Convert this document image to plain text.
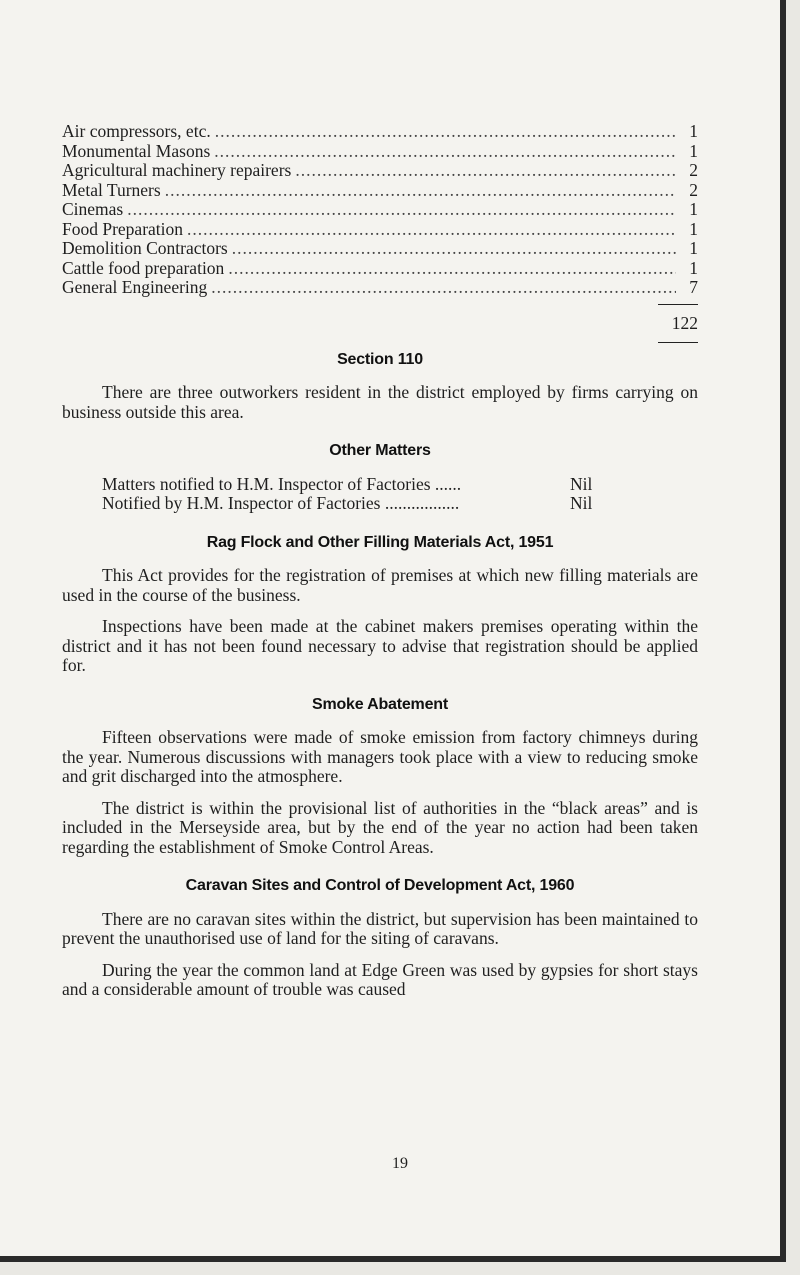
Air compressors, etc. .....	1
Monumental Masons .....	1
Agricultural machinery repairers .....	2
Metal Turners .....	2
Cinemas .....	1
Food Preparation .....	1
Demolition Contractors .....	1
Cattle food preparation .....	1
General Engineering .....	7
122
Section 110

There are three outworkers resident in the district employed by firms carrying on business outside this area.

Other Matters
Matters notified to H.M. Inspector of Factories ......	Nil
Notified by H.M. Inspector of Factories .................	Nil
Rag Flock and Other Filling Materials Act, 1951

This Act provides for the registration of premises at which new filling materials are used in the course of the business.

Inspections have been made at the cabinet makers premises operating within the district and it has not been found necessary to advise that registration should be applied for.

Smoke Abatement

Fifteen observations were made of smoke emission from factory chimneys during the year. Numerous discussions with managers took place with a view to reducing smoke and grit discharged into the atmosphere.

The district is within the provisional list of authorities in the “black areas” and is included in the Merseyside area, but by the end of the year no action had been taken regarding the establishment of Smoke Control Areas.

Caravan Sites and Control of Development Act, 1960

There are no caravan sites within the district, but supervision has been maintained to prevent the unauthorised use of land for the siting of caravans.

During the year the common land at Edge Green was used by gypsies for short stays and a considerable amount of trouble was caused

19
